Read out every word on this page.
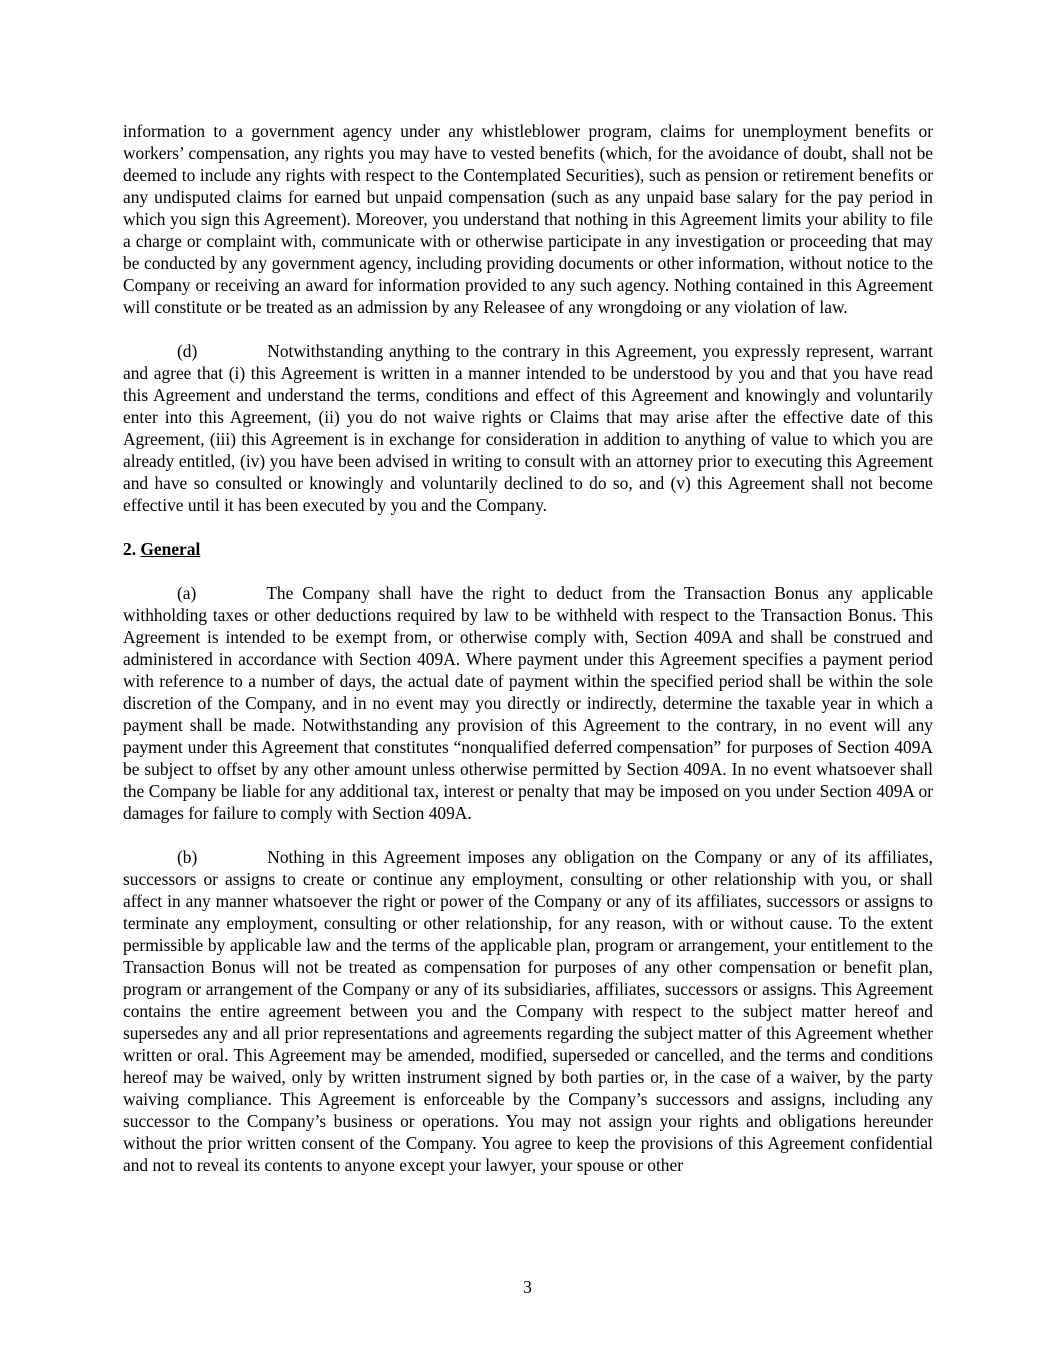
information to a government agency under any whistleblower program, claims for unemployment benefits or workers’ compensation, any rights you may have to vested benefits (which, for the avoidance of doubt, shall not be deemed to include any rights with respect to the Contemplated Securities), such as pension or retirement benefits or any undisputed claims for earned but unpaid compensation (such as any unpaid base salary for the pay period in which you sign this Agreement). Moreover, you understand that nothing in this Agreement limits your ability to file a charge or complaint with, communicate with or otherwise participate in any investigation or proceeding that may be conducted by any government agency, including providing documents or other information, without notice to the Company or receiving an award for information provided to any such agency. Nothing contained in this Agreement will constitute or be treated as an admission by any Releasee of any wrongdoing or any violation of law.

(d)	Notwithstanding anything to the contrary in this Agreement, you expressly represent, warrant and agree that (i) this Agreement is written in a manner intended to be understood by you and that you have read this Agreement and understand the terms, conditions and effect of this Agreement and knowingly and voluntarily enter into this Agreement, (ii) you do not waive rights or Claims that may arise after the effective date of this Agreement, (iii) this Agreement is in exchange for consideration in addition to anything of value to which you are already entitled, (iv) you have been advised in writing to consult with an attorney prior to executing this Agreement and have so consulted or knowingly and voluntarily declined to do so, and (v) this Agreement shall not become effective until it has been executed by you and the Company.

2. General

(a)	The Company shall have the right to deduct from the Transaction Bonus any applicable withholding taxes or other deductions required by law to be withheld with respect to the Transaction Bonus. This Agreement is intended to be exempt from, or otherwise comply with, Section 409A and shall be construed and administered in accordance with Section 409A. Where payment under this Agreement specifies a payment period with reference to a number of days, the actual date of payment within the specified period shall be within the sole discretion of the Company, and in no event may you directly or indirectly, determine the taxable year in which a payment shall be made. Notwithstanding any provision of this Agreement to the contrary, in no event will any payment under this Agreement that constitutes “nonqualified deferred compensation” for purposes of Section 409A be subject to offset by any other amount unless otherwise permitted by Section 409A. In no event whatsoever shall the Company be liable for any additional tax, interest or penalty that may be imposed on you under Section 409A or damages for failure to comply with Section 409A.

(b)	Nothing in this Agreement imposes any obligation on the Company or any of its affiliates, successors or assigns to create or continue any employment, consulting or other relationship with you, or shall affect in any manner whatsoever the right or power of the Company or any of its affiliates, successors or assigns to terminate any employment, consulting or other relationship, for any reason, with or without cause. To the extent permissible by applicable law and the terms of the applicable plan, program or arrangement, your entitlement to the Transaction Bonus will not be treated as compensation for purposes of any other compensation or benefit plan, program or arrangement of the Company or any of its subsidiaries, affiliates, successors or assigns. This Agreement contains the entire agreement between you and the Company with respect to the subject matter hereof and supersedes any and all prior representations and agreements regarding the subject matter of this Agreement whether written or oral. This Agreement may be amended, modified, superseded or cancelled, and the terms and conditions hereof may be waived, only by written instrument signed by both parties or, in the case of a waiver, by the party waiving compliance. This Agreement is enforceable by the Company’s successors and assigns, including any successor to the Company’s business or operations. You may not assign your rights and obligations hereunder without the prior written consent of the Company. You agree to keep the provisions of this Agreement confidential and not to reveal its contents to anyone except your lawyer, your spouse or other

3
